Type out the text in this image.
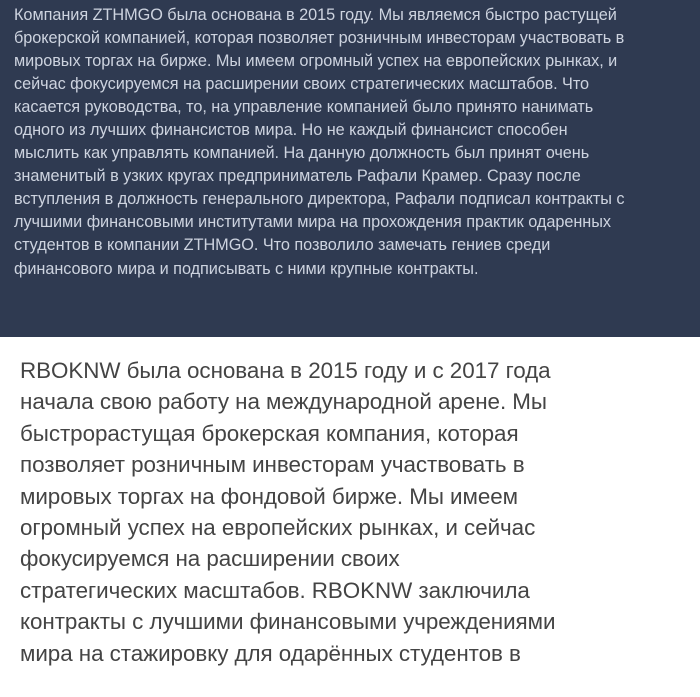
Компания ZTHMGO была основана в 2015 году. Мы являемся быстро растущей
брокерской компанией, которая позволяет розничным инвесторам участвовать в
мировых торгах на бирже. Мы имеем огромный успех на европейских рынках, и
сейчас фокусируемся на расширении своих стратегических масштабов. Что
касается руководства, то, на управление компанией было принято нанимать
одного из лучших финансистов мира. Но не каждый финансист способен
мыслить как управлять компанией. На данную должность был принят очень
знаменитый в узких кругах предприниматель Рафали Крамер. Сразу после
вступления в должность генерального директора, Рафали подписал контракты с
лучшими финансовыми институтами мира на прохождения практик одаренных
студентов в компании ZTHMGO. Что позволило замечать гениев среди
финансового мира и подписывать с ними крупные контракты.
RBOKNW была основана в 2015 году и с 2017 года
начала свою работу на международной арене. Мы
быстрорастущая брокерская компания, которая
позволяет розничным инвесторам участвовать в
мировых торгах на фондовой бирже. Мы имеем
огромный успех на европейских рынках, и сейчас
фокусируемся на расширении своих
стратегических масштабов. RBOKNW заключила
контракты с лучшими финансовыми учреждениями
мира на стажировку для одарённых студентов в
